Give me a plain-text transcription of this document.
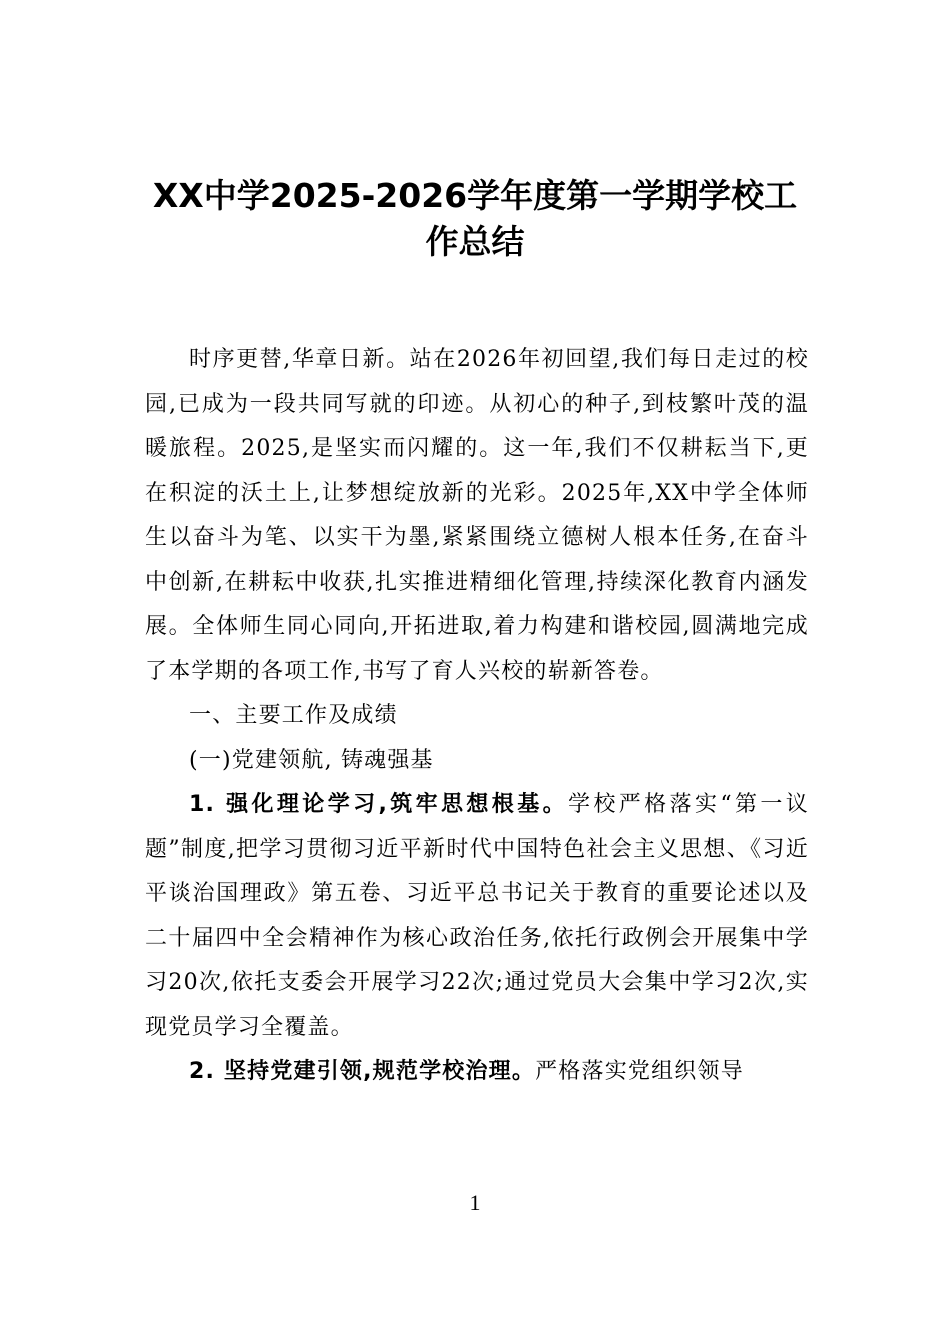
XX中学2025-2026学年度第一学期学校工
作总结

时序更替,华章日新。站在2026年初回望,我们每日走过的校园,已成为一段共同写就的印迹。从初心的种子,到枝繁叶茂的温暖旅程。2025,是坚实而闪耀的。这一年,我们不仅耕耘当下,更在积淀的沃土上,让梦想绽放新的光彩。2025年,XX中学全体师生以奋斗为笔、以实干为墨,紧紧围绕立德树人根本任务,在奋斗中创新,在耕耘中收获,扎实推进精细化管理,持续深化教育内涵发展。全体师生同心同向,开拓进取,着力构建和谐校园,圆满地完成了本学期的各项工作,书写了育人兴校的崭新答卷。

一、主要工作及成绩

(一)党建领航, 铸魂强基

1. 强化理论学习,筑牢思想根基。学校严格落实“第一议题”制度,把学习贯彻习近平新时代中国特色社会主义思想、《习近平谈治国理政》第五卷、习近平总书记关于教育的重要论述以及二十届四中全会精神作为核心政治任务,依托行政例会开展集中学习20次,依托支委会开展学习22次;通过党员大会集中学习2次,实现党员学习全覆盖。

2. 坚持党建引领,规范学校治理。严格落实党组织领导

1
